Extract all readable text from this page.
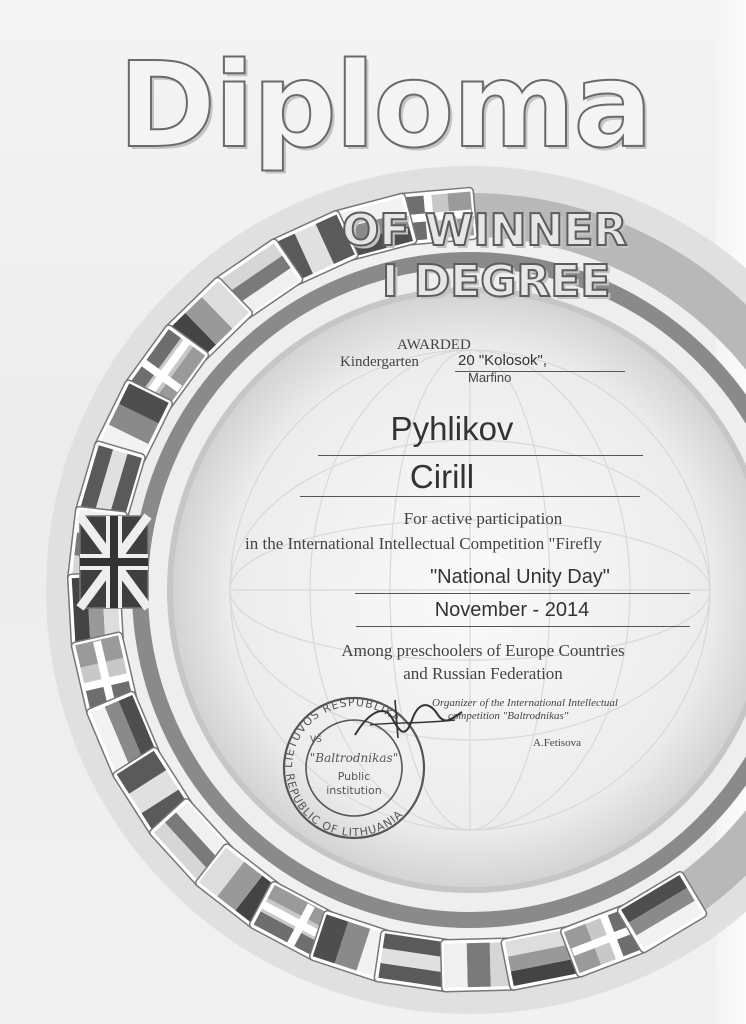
Diploma
OF WINNER
I DEGREE
AWARDED
Kindergarten	20 "Kolosok",
Marfino
Pyhlikov
Cirill
For active participation
in the International Intellectual Competition "Firefly
"National Unity Day"
November - 2014
Among preschoolers of Europe Countries
and Russian Federation
Organizer of the International Intellectual
competition "Baltrodnikas"
A.Fetisova
LIETUVOS RESPUBLIKA
REPUBLIC OF LITHUANIA
VŠ
"Baltrodnikas"
Public
institution
